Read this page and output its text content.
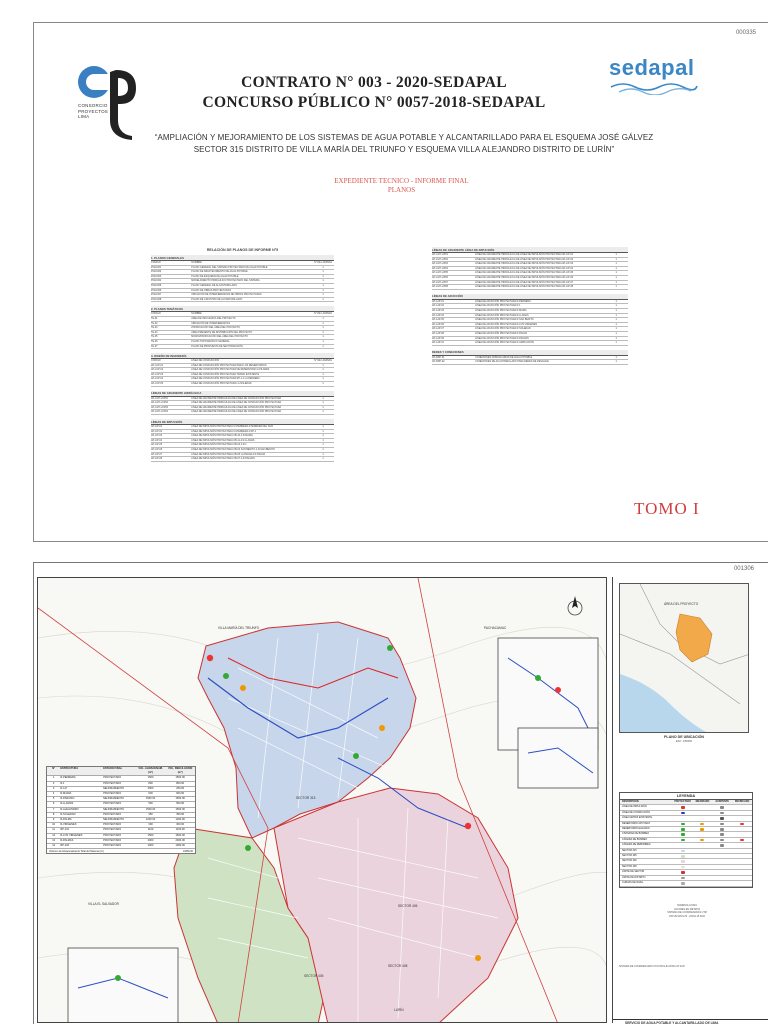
000335
CONSORCIO
PROYECTOS
LIMA
CONTRATO N° 003 - 2020-SEDAPAL
CONCURSO PÚBLICO N° 0057-2018-SEDAPAL
sedapal
“AMPLIACIÓN Y MEJORAMIENTO DE LOS SISTEMAS DE AGUA POTABLE Y ALCANTARILLADO PARA EL ESQUEMA JOSÉ GÁLVEZ
SECTOR 315 DISTRITO DE VILLA MARÍA DEL TRIUNFO Y ESQUEMA VILLA ALEJANDRO DISTRITO DE LURÍN”
EXPEDIENTE TECNICO - INFORME FINAL
PLANOS
RELACIÓN DE PLANOS DE INFORME N°5
1. PLANOS GENERALES
CÓDIGO	NOMBRE	N° DE LÁMINAS
PGM-001	PLANO GENERAL DEL SISTEMA PROYECTADO DE AGUA POTABLE	1
PGM-002	PLANO DE ABASTECIMIENTO DE AGUA POTABLE	1
PGM-003	PLANO DE ESQUEMA DE AGUA POTABLE	1
PGM-004	MODELAMIENTO HIDRÁULICO PROYECTADO DEL SISTEMA	1
PGM-005	PLANO GENERAL DE ALCANTARILLADO	1
PGM-006	PLANO DE OBRAS PROYECTADAS	1
PGM-007	UBICACIÓN DE INTERFERENCIAS DE OBRAS PROYECTADAS	1
PGM-008	PLANO DE CATASTRO DE ALCANTARILLADO	1
2. PLANOS TEMÁTICOS
CÓDIGO	NOMBRE	N° DE LÁMINAS
TE-01	ÁREA DE INFLUENCIA DEL PROYECTO	1
TE-02	UBICACIÓN DE INTERFERENCIAS	1
TE-03	ZONIFICACIÓN DEL ÁREA DEL PROYECTO	1
TE-04	ÁREA PRESENTE DE DISTRIBUCIÓN DEL PROYECTO	1
TE-05	MICROZONIFICACIÓN DEL ÁREA DEL PROYECTO	1
TE-06	PLANO TOPOGRÁFICO GENERAL	1
TE-07	PLANO DE PROPUESTA DE SECTORIZACIÓN	1
3. DISEÑO DE INGENIERÍA
CÓDIGO	LÍNEA DE CONDUCCIÓN	N° DE LÁMINAS
AP-LCP-01	LÍNEA DE CONDUCCIÓN PROYECTADA PARA LOS RESERVORIOS	1
AP-LCP-02	LÍNEA DE CONDUCCIÓN PROYECTADA DE RESERVORIO A PILARES	1
AP-LCP-03	LÍNEA DE CONDUCCIÓN PROYECTADA TRAMO EXISTENTE	1
AP-LCP-04	LÍNEA DE CONDUCCIÓN PROYECTADA RP-1 A LA PEDRERA	1
AP-LCP-05	LÍNEA DE CONDUCCIÓN PROYECTADA LA SOLEDAD	1
LÍNEAS DE GRADIENTE HIDRÁULICA
AP-LGH-LCP01	LÍNEA DE GRADIENTE HIDRÁULICA DE LÍNEA DE CONDUCCIÓN PROYECTADA	1
AP-LGH-LCP02	LÍNEA DE GRADIENTE HIDRÁULICA DE LÍNEA DE CONDUCCIÓN PROYECTADA	1
AP-LGH-LCP03	LÍNEA DE GRADIENTE HIDRÁULICA DE LÍNEA DE CONDUCCIÓN PROYECTADA	1
AP-LGH-LCP04	LÍNEA DE GRADIENTE HIDRÁULICA DE LÍNEA DE CONDUCCIÓN PROYECTADA	1
LÍNEAS DE IMPULSIÓN
AP-LIP-01	LÍNEA DE IMPULSIÓN PROYECTADA CI-PEDRERA A PEDRERA DEL SUR	1
AP-LIP-02	LÍNEA DE IMPULSIÓN PROYECTADA CI-PEDRERA A RP-1	1
AP-LIP-03	LÍNEA DE IMPULSIÓN PROYECTADA CB-10 A R-MARIA	1
AP-LIP-04	LÍNEA DE IMPULSIÓN PROYECTADA CB-11 A R-LLAMAS	1
AP-LIP-05	LÍNEA DE IMPULSIÓN PROYECTADA CB-02 A R-1	1
AP-LIP-06	LÍNEA DE IMPULSIÓN PROYECTADA CB-03 SAN BENITO A R-SAN BENITO	1
AP-LIP-07	LÍNEA DE IMPULSIÓN PROYECTADA CB-05 LA PALMA A R-PALMA	1
AP-LIP-08	LÍNEA DE IMPULSIÓN PROYECTADA CB-07 A R-PALMAS	1
LÍNEAS DE GRADIENTE LÍNEA DE IMPULSIÓN
AP-LGH-LIP01	LÍNEA DE GRADIENTE HIDRÁULICA DE LÍNEA DE IMPULSIÓN PROYECTADA AP-LIP-01	1
AP-LGH-LIP02	LÍNEA DE GRADIENTE HIDRÁULICA DE LÍNEA DE IMPULSIÓN PROYECTADA AP-LIP-02	1
AP-LGH-LIP03	LÍNEA DE GRADIENTE HIDRÁULICA DE LÍNEA DE IMPULSIÓN PROYECTADA AP-LIP-03	1
AP-LGH-LIP04	LÍNEA DE GRADIENTE HIDRÁULICA DE LÍNEA DE IMPULSIÓN PROYECTADA AP-LIP-04	1
AP-LGH-LIP05	LÍNEA DE GRADIENTE HIDRÁULICA DE LÍNEA DE IMPULSIÓN PROYECTADA AP-LIP-05	1
AP-LGH-LIP06	LÍNEA DE GRADIENTE HIDRÁULICA DE LÍNEA DE IMPULSIÓN PROYECTADA AP-LIP-06	1
AP-LGH-LIP07	LÍNEA DE GRADIENTE HIDRÁULICA DE LÍNEA DE IMPULSIÓN PROYECTADA AP-LIP-07	1
AP-LGH-LIP08	LÍNEA DE GRADIENTE HIDRÁULICA DE LÍNEA DE IMPULSIÓN PROYECTADA AP-LIP-08	1
LÍNEAS DE ADUCCIÓN
AP-LAP-01	LÍNEA DE ADUCCIÓN PROYECTADA R-PEDRERA	1
AP-LAP-02	LÍNEA DE ADUCCIÓN PROYECTADA R-1	1
AP-LAP-03	LÍNEA DE ADUCCIÓN PROYECTADA R-MARIA	1
AP-LAP-04	LÍNEA DE ADUCCIÓN PROYECTADA R-LLAMAS	1
AP-LAP-05	LÍNEA DE ADUCCIÓN PROYECTADA R-SAN BENITO	1
AP-LAP-06	LÍNEA DE ADUCCIÓN PROYECTADA R-LOS VIRGENES	1
AP-LAP-07	LÍNEA DE ADUCCIÓN PROYECTADA R-SOLEDAD	1
AP-LAP-08	LÍNEA DE ADUCCIÓN PROYECTADA R-PALMA	1
AP-LAP-09	LÍNEA DE ADUCCIÓN PROYECTADA R-PALMAS	1
AP-LAP-10	LÍNEA DE ADUCCIÓN PROYECTADA R-AMPLIACIÓN	1
REDES Y CONEXIONES
AP-RDP-01	CONEXIONES DOMICILIARIAS DE AGUA POTABLE	1
AP-RDP-02	CONEXIONES DE ALCANTARILLADO PARA REDES DE DESAGÜE	1
TOMO I
001306
VILLA MARÍA DEL TRIUNFO	PACHACAMAC
LURÍN
VILLA EL SALVADOR
SECTOR 315
SECTOR 405
SECTOR 406
SECTOR 408
N°	ESTRUCTURA	ESTADO FINAL	VOL. ALMACENAM. (m³)
VOL. REGULACIÓN (m³)
1	R-PEDRERA	PROYECTADO	1500	1500.00
2	R-1	PROYECTADO	800	800.00
3	R-4-P	MEJORAMIENTO	2500	250.00
4	R-MARIA	PROYECTADO	600	600.00
5	R-PARAISO	MEJORAMIENTO	1500.00	1500.00
6	R-LLAMAS	PROYECTADO	500	500.00
7	R-ALEJANDRO	MEJORAMIENTO	1500.00	1500.00
8	R-SOLEDAD	PROYECTADO	350	350.00
9	R-PALMA	MEJORAMIENTO	1200.00	1200.00
10	R-VIRGENES	PROYECTADO	300	300.00
11	RP-101	PROYECTADO	1100	1100.00
12	R-LOS VIRGENES	PROYECTADO	1500	1500.00
13	R-PALMAS	PROYECTADO	2000	2000.00
14	RP-102	PROYECTADO	1000	1000.00
Volumen de Almacenamiento Total del Sistema (m³)	16350.00
ÁREA DEL PROYECTO
PLANO DE UBICACIÓN
ESC: 1/50000
LEYENDA
DESCRIPCIÓN	PROYECTADO	MEJORADO	EXISTENTE	REUBICADO
LÍNEA DE IMPULSIÓN
LÍNEA DE CONDUCCIÓN
LÍNEA MATRIZ EXISTENTE
RESERVORIO APOYADO
RESERVORIO ELEVADO
CISTERNA DE BOMBEO
CÁMARA DE BOMBEO
CÁMARA DE REBOMBEO
SECTOR 315
SECTOR 405
SECTOR 406
SECTOR 408
LÍMITE DE SECTOR
LÍMITE DE DISTRITO
CURVAS DE NIVEL
NOMENCLATURA
VALORES EN METROS
SISTEMA DE COORDENADAS UTM
DATUM WGS 84 - ZONA 18 SUR
SISTEMA DE COORDENADAS UTM WGS-84 ZONA 18 SUR
SERVICIO DE AGUA POTABLE Y ALCANTARILLADO DE LIMA
